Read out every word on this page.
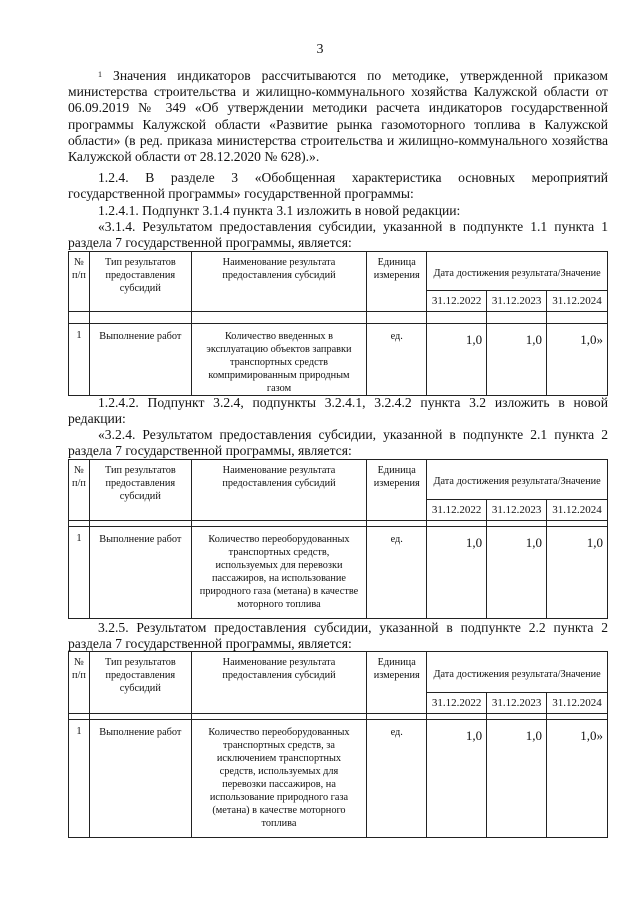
3
$^1$ Значения индикаторов рассчитываются по методике, утвержденной приказом министерства строительства и жилищно-коммунального хозяйства Калужской области от 06.09.2019 № 349 «Об утверждении методики расчета индикаторов государственной программы Калужской области «Развитие рынка газомоторного топлива в Калужской области» (в ред. приказа министерства строительства и жилищно-коммунального хозяйства Калужской области от 28.12.2020 № 628).».
1.2.4. В разделе 3 «Обобщенная характеристика основных мероприятий государственной программы» государственной программы:
1.2.4.1. Подпункт 3.1.4 пункта 3.1 изложить в новой редакции:
«3.1.4. Результатом предоставления субсидии, указанной в подпункте 1.1 пункта 1 раздела 7 государственной программы, является:
№ п/п	Тип результатов предоставления субсидий	Наименование результата предоставления субсидий	Единица измерения	Дата достижения результата/Значение		
				31.12.2022	31.12.2023	31.12.2024

1	Выполнение работ	Количество введенных в эксплуатацию объектов заправки транспортных средств компримированным природным газом	ед.	1,0	1,0	1,0»
1.2.4.2. Подпункт 3.2.4, подпункты 3.2.4.1, 3.2.4.2 пункта 3.2 изложить в новой редакции:
«3.2.4. Результатом предоставления субсидии, указанной в подпункте 2.1 пункта 2 раздела 7 государственной программы, является:
№ п/п	Тип результатов предоставления субсидий	Наименование результата предоставления субсидий	Единица измерения	Дата достижения результата/Значение		
				31.12.2022	31.12.2023	31.12.2024

1	Выполнение работ	Количество переоборудованных транспортных средств, используемых для перевозки пассажиров, на использование природного газа (метана) в качестве моторного топлива	ед.	1,0	1,0	1,0
3.2.5. Результатом предоставления субсидии, указанной в подпункте 2.2 пункта 2 раздела 7 государственной программы, является:
№ п/п	Тип результатов предоставления субсидий	Наименование результата предоставления субсидий	Единица измерения	Дата достижения результата/Значение		
				31.12.2022	31.12.2023	31.12.2024

1	Выполнение работ	Количество переоборудованных транспортных средств, за исключением транспортных средств, используемых для перевозки пассажиров, на использование природного газа (метана) в качестве моторного топлива	ед.	1,0	1,0	1,0»
